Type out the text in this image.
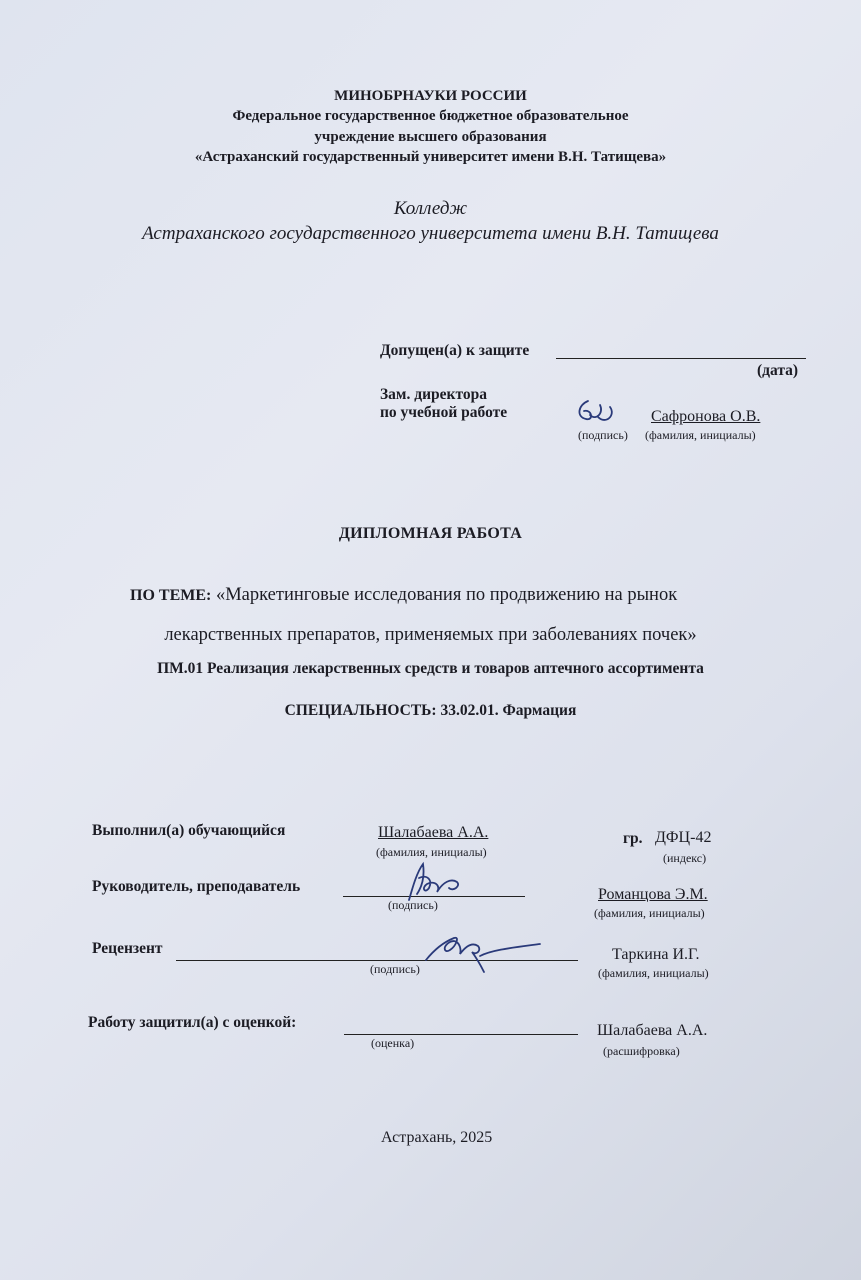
МИНОБРНАУКИ РОССИИ
Федеральное государственное бюджетное образовательное
учреждение высшего образования
«Астраханский государственный университет имени В.Н. Татищева»
Колледж
Астраханского государственного университета имени В.Н. Татищева
Допущен(а) к защите
(дата)
Зам. директора
по учебной работе
(подпись)
Сафронова О.В.
(фамилия, инициалы)
ДИПЛОМНАЯ РАБОТА
ПО ТЕМЕ: «Маркетинговые исследования по продвижению на рынок
лекарственных препаратов, применяемых при заболеваниях почек»
ПМ.01 Реализация лекарственных средств и товаров аптечного ассортимента
СПЕЦИАЛЬНОСТЬ: 33.02.01. Фармация
Выполнил(а) обучающийся	Шалабаева А.А.
(фамилия, инициалы)
гр. ДФЦ-42
(индекс)
Руководитель, преподаватель
(подпись)
Романцова Э.М.
(фамилия, инициалы)
Рецензент
(подпись)
Таркина И.Г.
(фамилия, инициалы)
Работу защитил(а) с оценкой:
(оценка)
Шалабаева А.А.
(расшифровка)
Астрахань, 2025
